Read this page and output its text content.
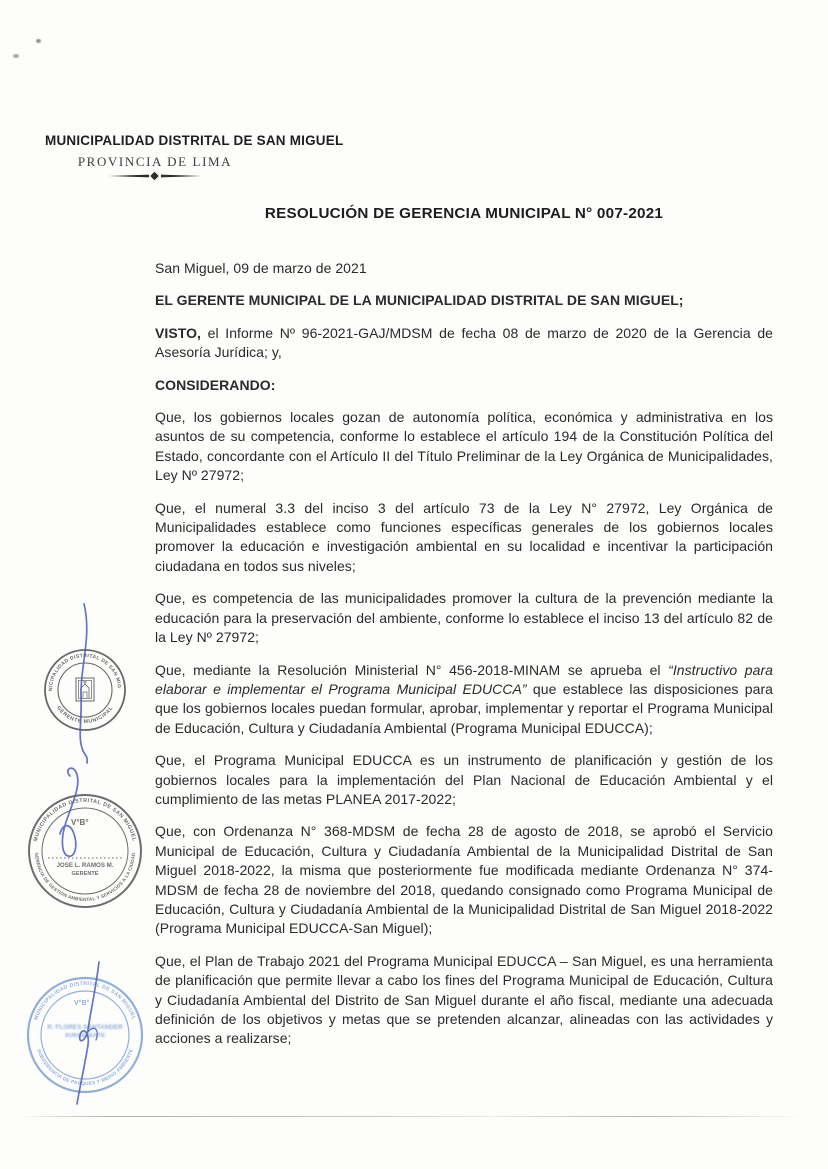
MUNICIPALIDAD DISTRITAL DE SAN MIGUEL
PROVINCIA DE LIMA

RESOLUCIÓN DE GERENCIA MUNICIPAL N° 007-2021

San Miguel, 09 de marzo de 2021

EL GERENTE MUNICIPAL DE LA MUNICIPALIDAD DISTRITAL DE SAN MIGUEL;

VISTO, el Informe Nº 96-2021-GAJ/MDSM de fecha 08 de marzo de 2020 de la Gerencia de Asesoría Jurídica; y,

CONSIDERANDO:

Que, los gobiernos locales gozan de autonomía política, económica y administrativa en los asuntos de su competencia, conforme lo establece el artículo 194 de la Constitución Política del Estado, concordante con el Artículo II del Título Preliminar de la Ley Orgánica de Municipalidades, Ley Nº 27972;

Que, el numeral 3.3 del inciso 3 del artículo 73 de la Ley N° 27972, Ley Orgánica de Municipalidades establece como funciones específicas generales de los gobiernos locales promover la educación e investigación ambiental en su localidad e incentivar la participación ciudadana en todos sus niveles;

Que, es competencia de las municipalidades promover la cultura de la prevención mediante la educación para la preservación del ambiente, conforme lo establece el inciso 13 del artículo 82 de la Ley Nº 27972;

Que, mediante la Resolución Ministerial N° 456-2018-MINAM se aprueba el “Instructivo para elaborar e implementar el Programa Municipal EDUCCA” que establece las disposiciones para que los gobiernos locales puedan formular, aprobar, implementar y reportar el Programa Municipal de Educación, Cultura y Ciudadanía Ambiental (Programa Municipal EDUCCA);

Que, el Programa Municipal EDUCCA es un instrumento de planificación y gestión de los gobiernos locales para la implementación del Plan Nacional de Educación Ambiental y el cumplimiento de las metas PLANEA 2017-2022;

Que, con Ordenanza N° 368-MDSM de fecha 28 de agosto de 2018, se aprobó el Servicio Municipal de Educación, Cultura y Ciudadanía Ambiental de la Municipalidad Distrital de San Miguel 2018-2022, la misma que posteriormente fue modificada mediante Ordenanza N° 374-MDSM de fecha 28 de noviembre del 2018, quedando consignado como Programa Municipal de Educación, Cultura y Ciudadanía Ambiental de la Municipalidad Distrital de San Miguel 2018-2022 (Programa Municipal EDUCCA-San Miguel);

Que, el Plan de Trabajo 2021 del Programa Municipal EDUCCA – San Miguel, es una herramienta de planificación que permite llevar a cabo los fines del Programa Municipal de Educación, Cultura y Ciudadanía Ambiental del Distrito de San Miguel durante el año fiscal, mediante una adecuada definición de los objetivos y metas que se pretenden alcanzar, alineadas con las actividades y acciones a realizarse;

MUNICIPALIDAD DISTRITAL DE SAN MIGUEL
GERENTE MUNICIPAL
MUNICIPALIDAD DISTRITAL DE SAN MIGUEL
GERENCIA DE GESTION AMBIENTAL Y SERVICIOS A LA CIUDAD
V°B°
JOSE L. RAMOS M.
GERENTE
MUNICIPALIDAD DISTRITAL DE SAN MIGUEL
SUBGERENCIA DE PARQUES Y MEDIO AMBIENTE
V°B°
R. FLORES SANTANDER
SUBGERENTE
